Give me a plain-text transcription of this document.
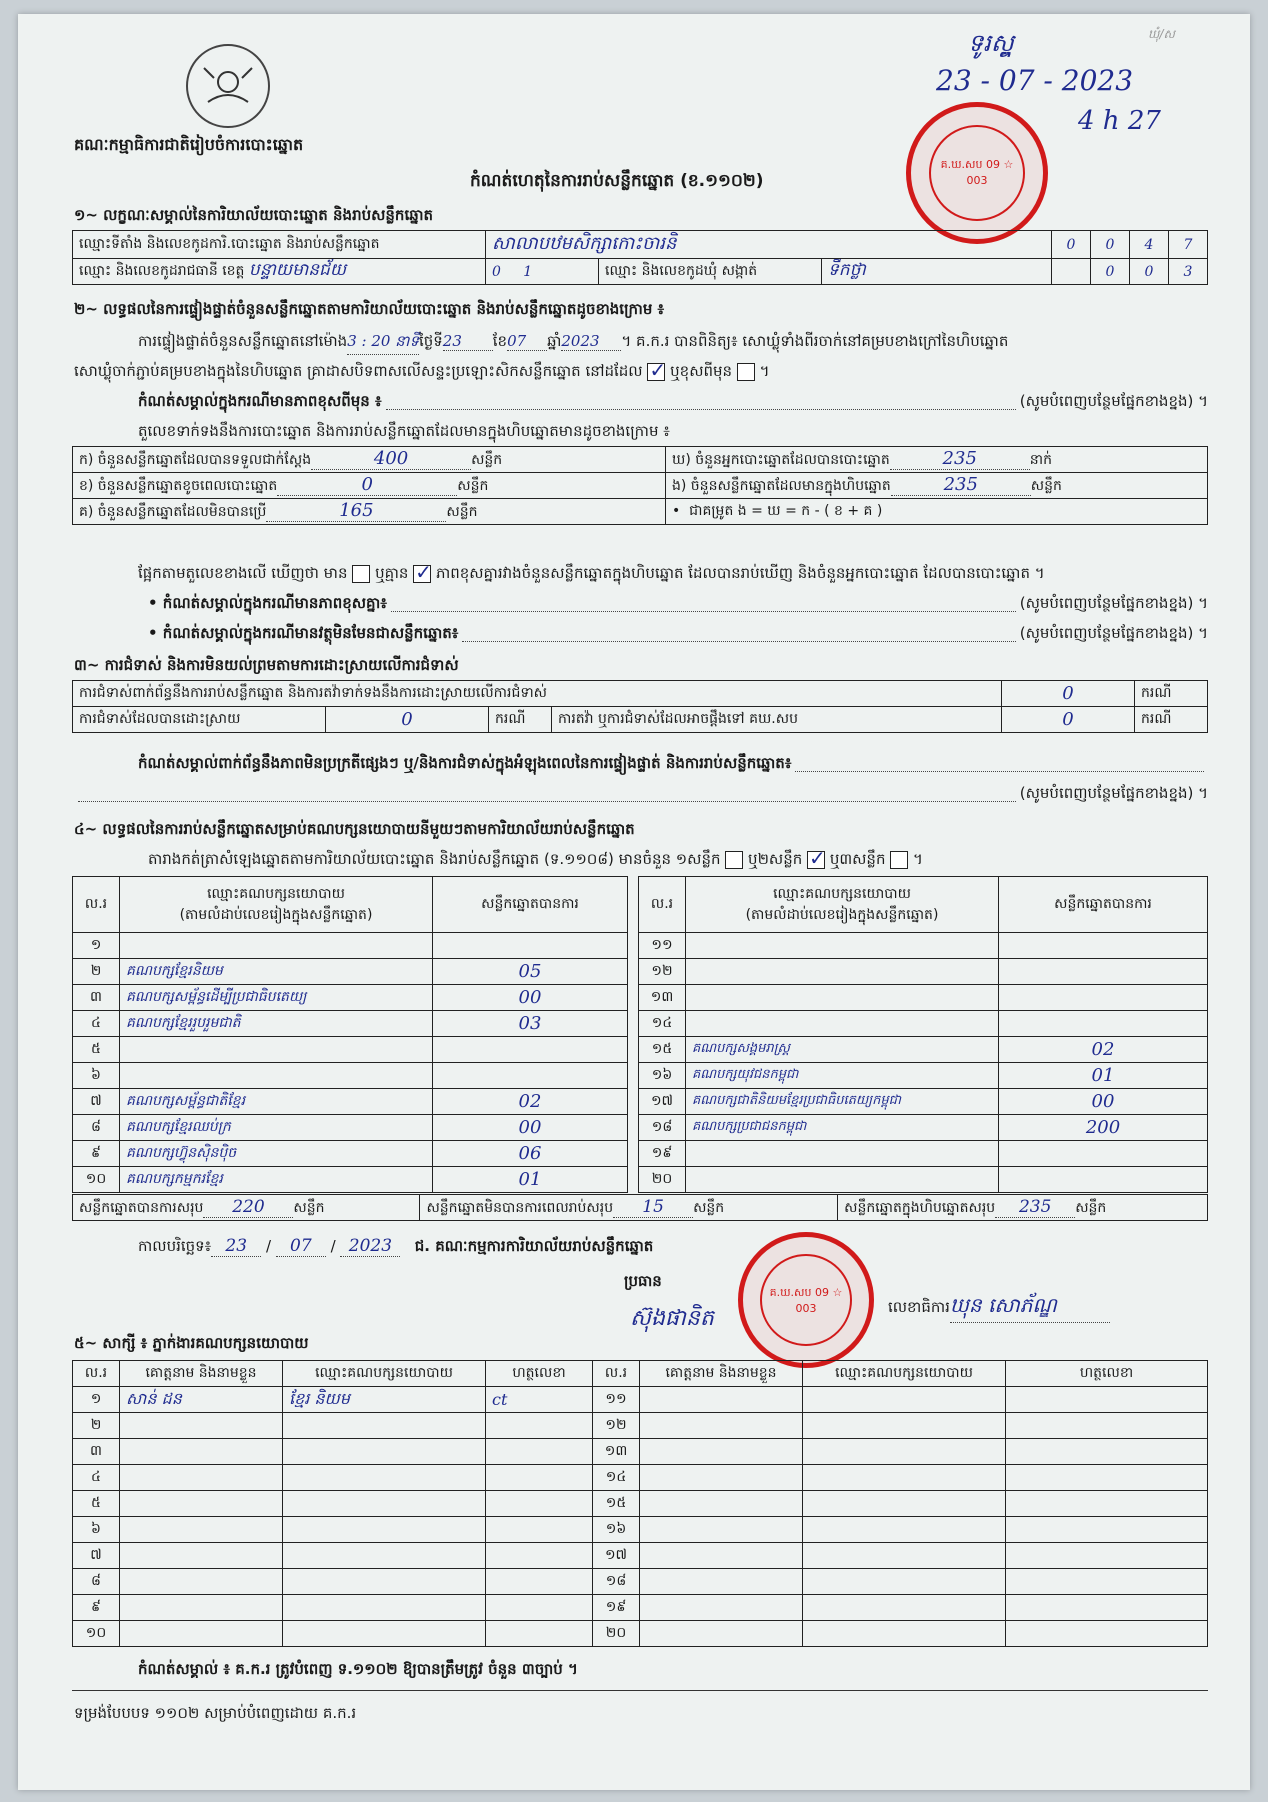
គណៈកម្មាធិការជាតិរៀបចំការបោះឆ្នោត
កំណត់ហេតុនៃការរាប់សន្លឹកឆ្នោត (ខ.១១០២)
ទូរស្ព្ទ
23 - 07 - 2023
4 h 27
ឃុំ/ស
គ.ឃ.សប 09 ☆ 003
១~ លក្ខណៈសម្គាល់នៃការិយាល័យបោះឆ្នោត និងរាប់សន្លឹកឆ្នោត
ឈ្មោះទីតាំង និងលេខកូដការិ.បោះឆ្នោត និងរាប់សន្លឹកឆ្នោត	សាលាបឋមសិក្សាកោះចារនិ			0	0	4	7
ឈ្មោះ និងលេខកូដរាជធានី ខេត្ត បន្ទាយមានជ័យ	0 1	ឈ្មោះ និងលេខកូដឃុំ សង្កាត់	ទឹកថ្លា		0	0	3
២~ លទ្ធផលនៃការផ្ទៀងផ្ទាត់ចំនួនសន្លឹកឆ្នោតតាមការិយាល័យបោះឆ្នោត និងរាប់សន្លឹកឆ្នោតដូចខាងក្រោម ៖
ការផ្ទៀងផ្ទាត់ចំនួនសន្លឹកឆ្នោតនៅម៉ោង3 : 20 នាទីថ្ងៃទី23 ខែ07 ឆ្នាំ2023 ។ គ.ក.រ បានពិនិត្យ៖ សោឃ្លុំទាំងពីរចាក់នៅគម្របខាងក្រៅនៃហិបឆ្នោត
សោឃ្លុំចាក់ភ្ជាប់គម្របខាងក្នុងនៃហិបឆ្នោត គ្រាដាសបិទពាសលើសន្ទះប្រឡោះសិកសន្លឹកឆ្នោត នៅដដែល ✓ ឬខុសពីមុន  ។
កំណត់សម្គាល់ក្នុងករណីមានភាពខុសពីមុន ៖	(សូមបំពេញបន្ថែមផ្នែកខាងខ្នង) ។
តួលេខទាក់ទងនឹងការបោះឆ្នោត និងការរាប់សន្លឹកឆ្នោតដែលមានក្នុងហិបឆ្នោតមានដូចខាងក្រោម ៖
ក) ចំនួនសន្លឹកឆ្នោតដែលបានទទួលជាក់ស្ដែង 400 សន្លឹក	ឃ) ចំនួនអ្នកបោះឆ្នោតដែលបានបោះឆ្នោត 235 នាក់
ខ) ចំនួនសន្លឹកឆ្នោតខូចពេលបោះឆ្នោត 0 សន្លឹក	ង) ចំនួនសន្លឹកឆ្នោតដែលមានក្នុងហិបឆ្នោត 235 សន្លឹក
គ) ចំនួនសន្លឹកឆ្នោតដែលមិនបានប្រើ 165 សន្លឹក	•  ជាគម្រូត ង = ឃ = ក - ( ខ + គ )
ផ្អែកតាមតួលេខខាងលើ ឃើញថា មាន ឬគ្មាន ✓ ភាពខុសគ្នារវាងចំនួនសន្លឹកឆ្នោតក្នុងហិបឆ្នោត ដែលបានរាប់ឃើញ និងចំនួនអ្នកបោះឆ្នោត ដែលបានបោះឆ្នោត ។
• កំណត់សម្គាល់ក្នុងករណីមានភាពខុសគ្នា៖	(សូមបំពេញបន្ថែមផ្នែកខាងខ្នង) ។
• កំណត់សម្គាល់ក្នុងករណីមានវត្ថុមិនមែនជាសន្លឹកឆ្នោត៖	(សូមបំពេញបន្ថែមផ្នែកខាងខ្នង) ។
៣~ ការជំទាស់ និងការមិនយល់ព្រមតាមការដោះស្រាយលើការជំទាស់
ការជំទាស់ពាក់ព័ន្ធនឹងការរាប់សន្លឹកឆ្នោត និងការតវ៉ាទាក់ទងនឹងការដោះស្រាយលើការជំទាស់				0	ករណី
ការជំទាស់ដែលបានដោះស្រាយ	0	ករណី	ការតវ៉ា ឬការជំទាស់ដែលអាចផ្ដឹងទៅ គឃ.សប	0	ករណី
កំណត់សម្គាល់ពាក់ព័ន្ធនឹងភាពមិនប្រក្រតីផ្សេងៗ ឬ/និងការជំទាស់ក្នុងអំឡុងពេលនៃការផ្ទៀងផ្ទាត់ និងការរាប់សន្លឹកឆ្នោត៖
(សូមបំពេញបន្ថែមផ្នែកខាងខ្នង) ។
៤~ លទ្ធផលនៃការរាប់សន្លឹកឆ្នោតសម្រាប់គណបក្សនយោបាយនីមួយៗតាមការិយាល័យរាប់សន្លឹកឆ្នោត
តារាងកត់ត្រាសំឡេងឆ្នោតតាមការិយាល័យបោះឆ្នោត និងរាប់សន្លឹកឆ្នោត (ទ.១១០៨) មានចំនួន ១សន្លឹក ឬ២សន្លឹក ✓ ឬ៣សន្លឹក  ។
ល.រ	ឈ្មោះគណបក្សនយោបាយ
(តាមលំដាប់លេខរៀងក្នុងសន្លឹកឆ្នោត)	សន្លឹកឆ្នោតបានការ
១		
២	គណបក្សខ្មែរនិយម	05
៣	គណបក្សសម្ព័ន្ធដើម្បីប្រជាធិបតេយ្យ	00
៤	គណបក្សខ្មែររួបរួមជាតិ	03
៥		
៦		
៧	គណបក្សសម្ព័ន្ធជាតិខ្មែរ	02
៨	គណបក្សខ្មែរឈប់ក្រ	00
៩	គណបក្សហ៊្វុនស៊ិនប៉ិច	06
១០	គណបក្សកម្មករខ្មែរ	01
ល.រ	ឈ្មោះគណបក្សនយោបាយ
(តាមលំដាប់លេខរៀងក្នុងសន្លឹកឆ្នោត)	សន្លឹកឆ្នោតបានការ
១១		
១២		
១៣		
១៤		
១៥	គណបក្សសង្គមរាស្ត្រ	02
១៦	គណបក្សយុវជនកម្ពុជា	01
១៧	គណបក្សជាតិនិយមខ្មែរប្រជាធិបតេយ្យកម្ពុជា	00
១៨	គណបក្សប្រជាជនកម្ពុជា	200
១៩		
២០		
សន្លឹកឆ្នោតបានការសរុប 220 សន្លឹក	សន្លឹកឆ្នោតមិនបានការពេលរាប់សរុប 15 សន្លឹក	សន្លឹកឆ្នោតក្នុងហិបឆ្នោតសរុប 235 សន្លឹក
កាលបរិច្ឆេទ៖ 23 / 07 / 2023 ជ. គណៈកម្មការការិយាល័យរាប់សន្លឹកឆ្នោត
ប្រធាន
ស៊ុងផានិត
គ.ឃ.សប 09 ☆ 003	លេខាធិការឃុន សោភ័ណ្ឌ
៥~ សាក្សី ៖ ភ្នាក់ងារគណបក្សនយោបាយ
ល.រ	គោត្តនាម និងនាមខ្លួន	ឈ្មោះគណបក្សនយោបាយ	ហត្ថលេខា	ល.រ	គោត្តនាម និងនាមខ្លួន	ឈ្មោះគណបក្សនយោបាយ	ហត្ថលេខា
១	សាន់ ដន	ខ្មែរ និយម	ct	១១			
២				១២			
៣				១៣			
៤				១៤			
៥				១៥			
៦				១៦			
៧				១៧			
៨				១៨			
៩				១៩			
១០				២០			
កំណត់សម្គាល់ ៖ គ.ក.រ ត្រូវបំពេញ ទ.១១០២ ឱ្យបានត្រឹមត្រូវ ចំនួន ៣ច្បាប់ ។
ទម្រង់បែបបទ ១១០២ សម្រាប់បំពេញដោយ គ.ក.រ
